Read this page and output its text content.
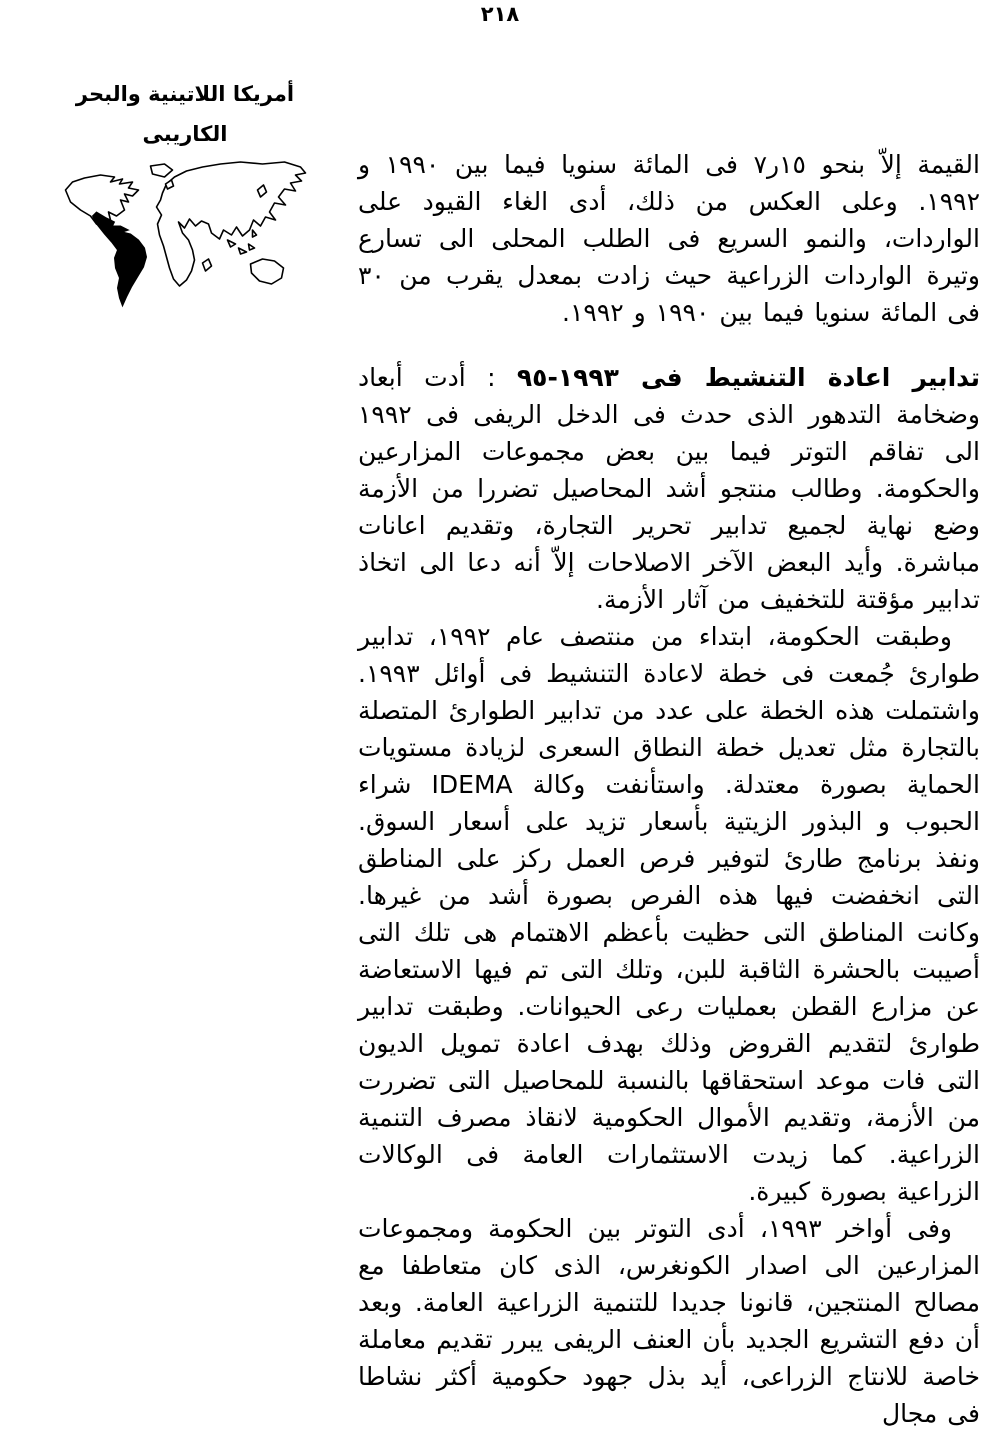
٢١٨
أمريكا اللاتينية والبحر
الكاريبى

القيمة إلاّ بنحو ١٥ر٧ فى المائة سنويا فيما بين ١٩٩٠ و ١٩٩٢. وعلى العكس من ذلك، أدى الغاء القيود على الواردات، والنمو السريع فى الطلب المحلى الى تسارع وتيرة الواردات الزراعية حيث زادت بمعدل يقرب من ٣٠ فى المائة سنويا فيما بين ١٩٩٠ و ١٩٩٢.

تدابير اعادة التنشيط فى ١٩٩٣-٩٥ : أدت أبعاد وضخامة التدهور الذى حدث فى الدخل الريفى فى ١٩٩٢ الى تفاقم التوتر فيما بين بعض مجموعات المزارعين والحكومة. وطالب منتجو أشد المحاصيل تضررا من الأزمة وضع نهاية لجميع تدابير تحرير التجارة، وتقديم اعانات مباشرة. وأيد البعض الآخر الاصلاحات إلاّ أنه دعا الى اتخاذ تدابير مؤقتة للتخفيف من آثار الأزمة.

وطبقت الحكومة، ابتداء من منتصف عام ١٩٩٢، تدابير طوارئ جُمعت فى خطة لاعادة التنشيط فى أوائل ١٩٩٣. واشتملت هذه الخطة على عدد من تدابير الطوارئ المتصلة بالتجارة مثل تعديل خطة النطاق السعرى لزيادة مستويات الحماية بصورة معتدلة. واستأنفت وكالة IDEMA شراء الحبوب و البذور الزيتية بأسعار تزيد على أسعار السوق. ونفذ برنامج طارئ لتوفير فرص العمل ركز على المناطق التى انخفضت فيها هذه الفرص بصورة أشد من غيرها. وكانت المناطق التى حظيت بأعظم الاهتمام هى تلك التى أصيبت بالحشرة الثاقبة للبن، وتلك التى تم فيها الاستعاضة عن مزارع القطن بعمليات رعى الحيوانات. وطبقت تدابير طوارئ لتقديم القروض وذلك بهدف اعادة تمويل الديون التى فات موعد استحقاقها بالنسبة للمحاصيل التى تضررت من الأزمة، وتقديم الأموال الحكومية لانقاذ مصرف التنمية الزراعية. كما زيدت الاستثمارات العامة فى الوكالات الزراعية بصورة كبيرة.

وفى أواخر ١٩٩٣، أدى التوتر بين الحكومة ومجموعات المزارعين الى اصدار الكونغرس، الذى كان متعاطفا مع مصالح المنتجين، قانونا جديدا للتنمية الزراعية العامة. وبعد أن دفع التشريع الجديد بأن العنف الريفى يبرر تقديم معاملة خاصة للانتاج الزراعى، أيد بذل جهود حكومية أكثر نشاطا فى مجال
